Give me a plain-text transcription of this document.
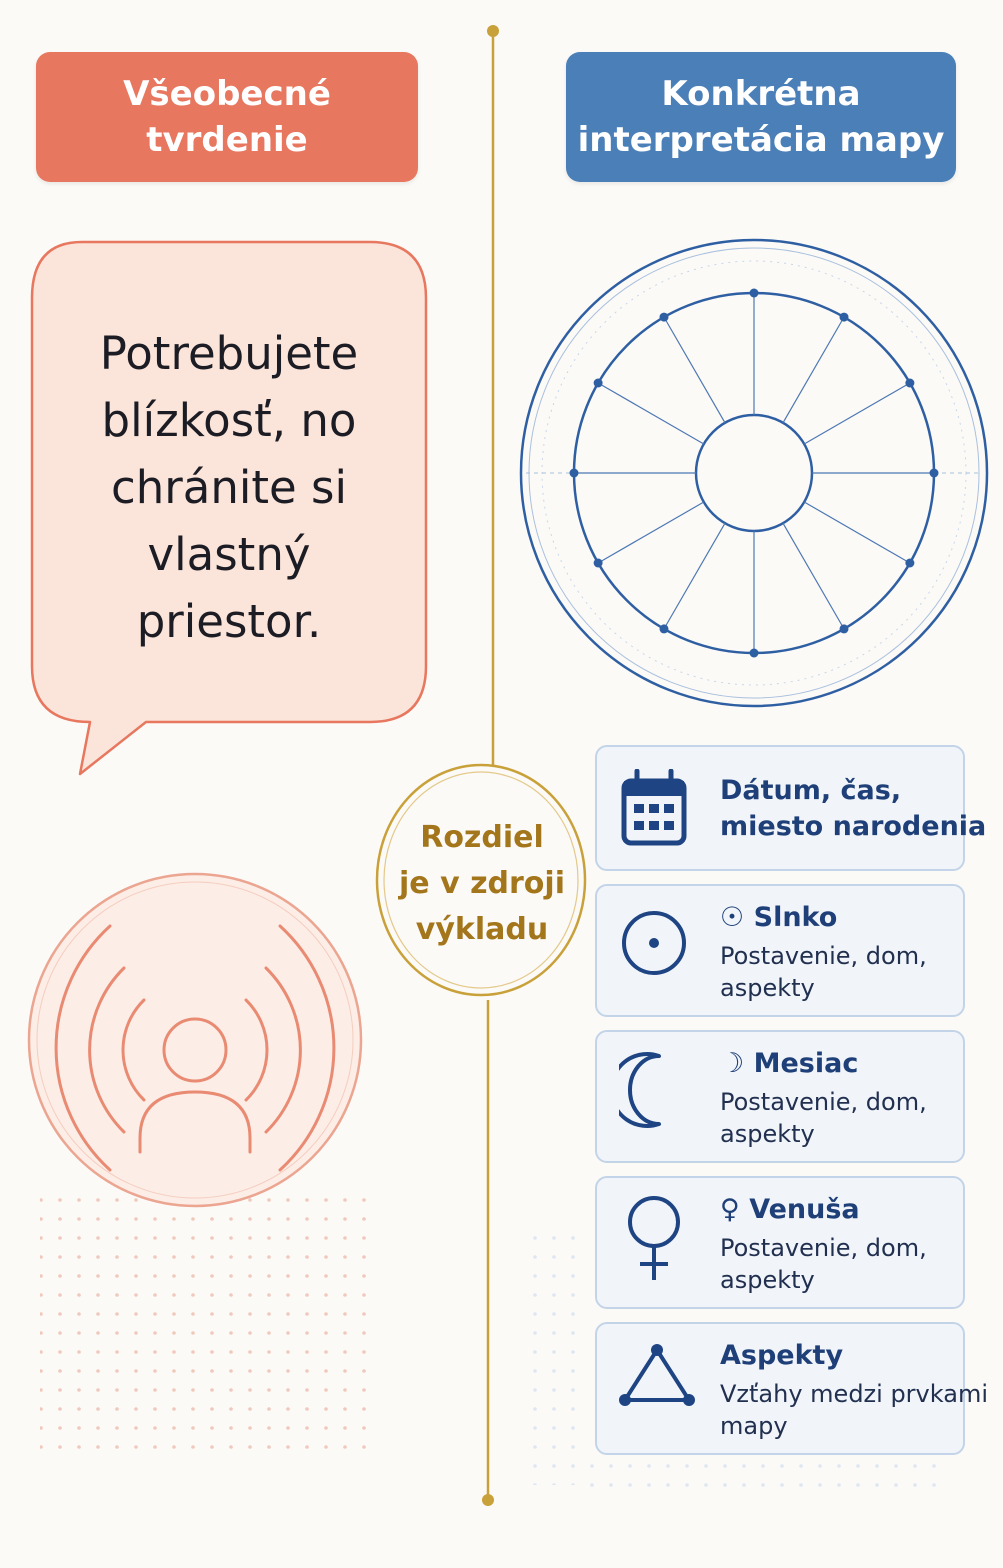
Všeobecné
tvrdenie
Konkrétna
interpretácia mapy
Potrebujete
blízkosť, no
chránite si
vlastný
priestor.
Rozdiel
je v zdroji
výkladu
Dátum, čas,
miesto narodenia
☉ Slnko
Postavenie, dom,
aspekty
☽ Mesiac
Postavenie, dom,
aspekty
♀ Venuša
Postavenie, dom,
aspekty
Aspekty
Vzťahy medzi prvkami
mapy
